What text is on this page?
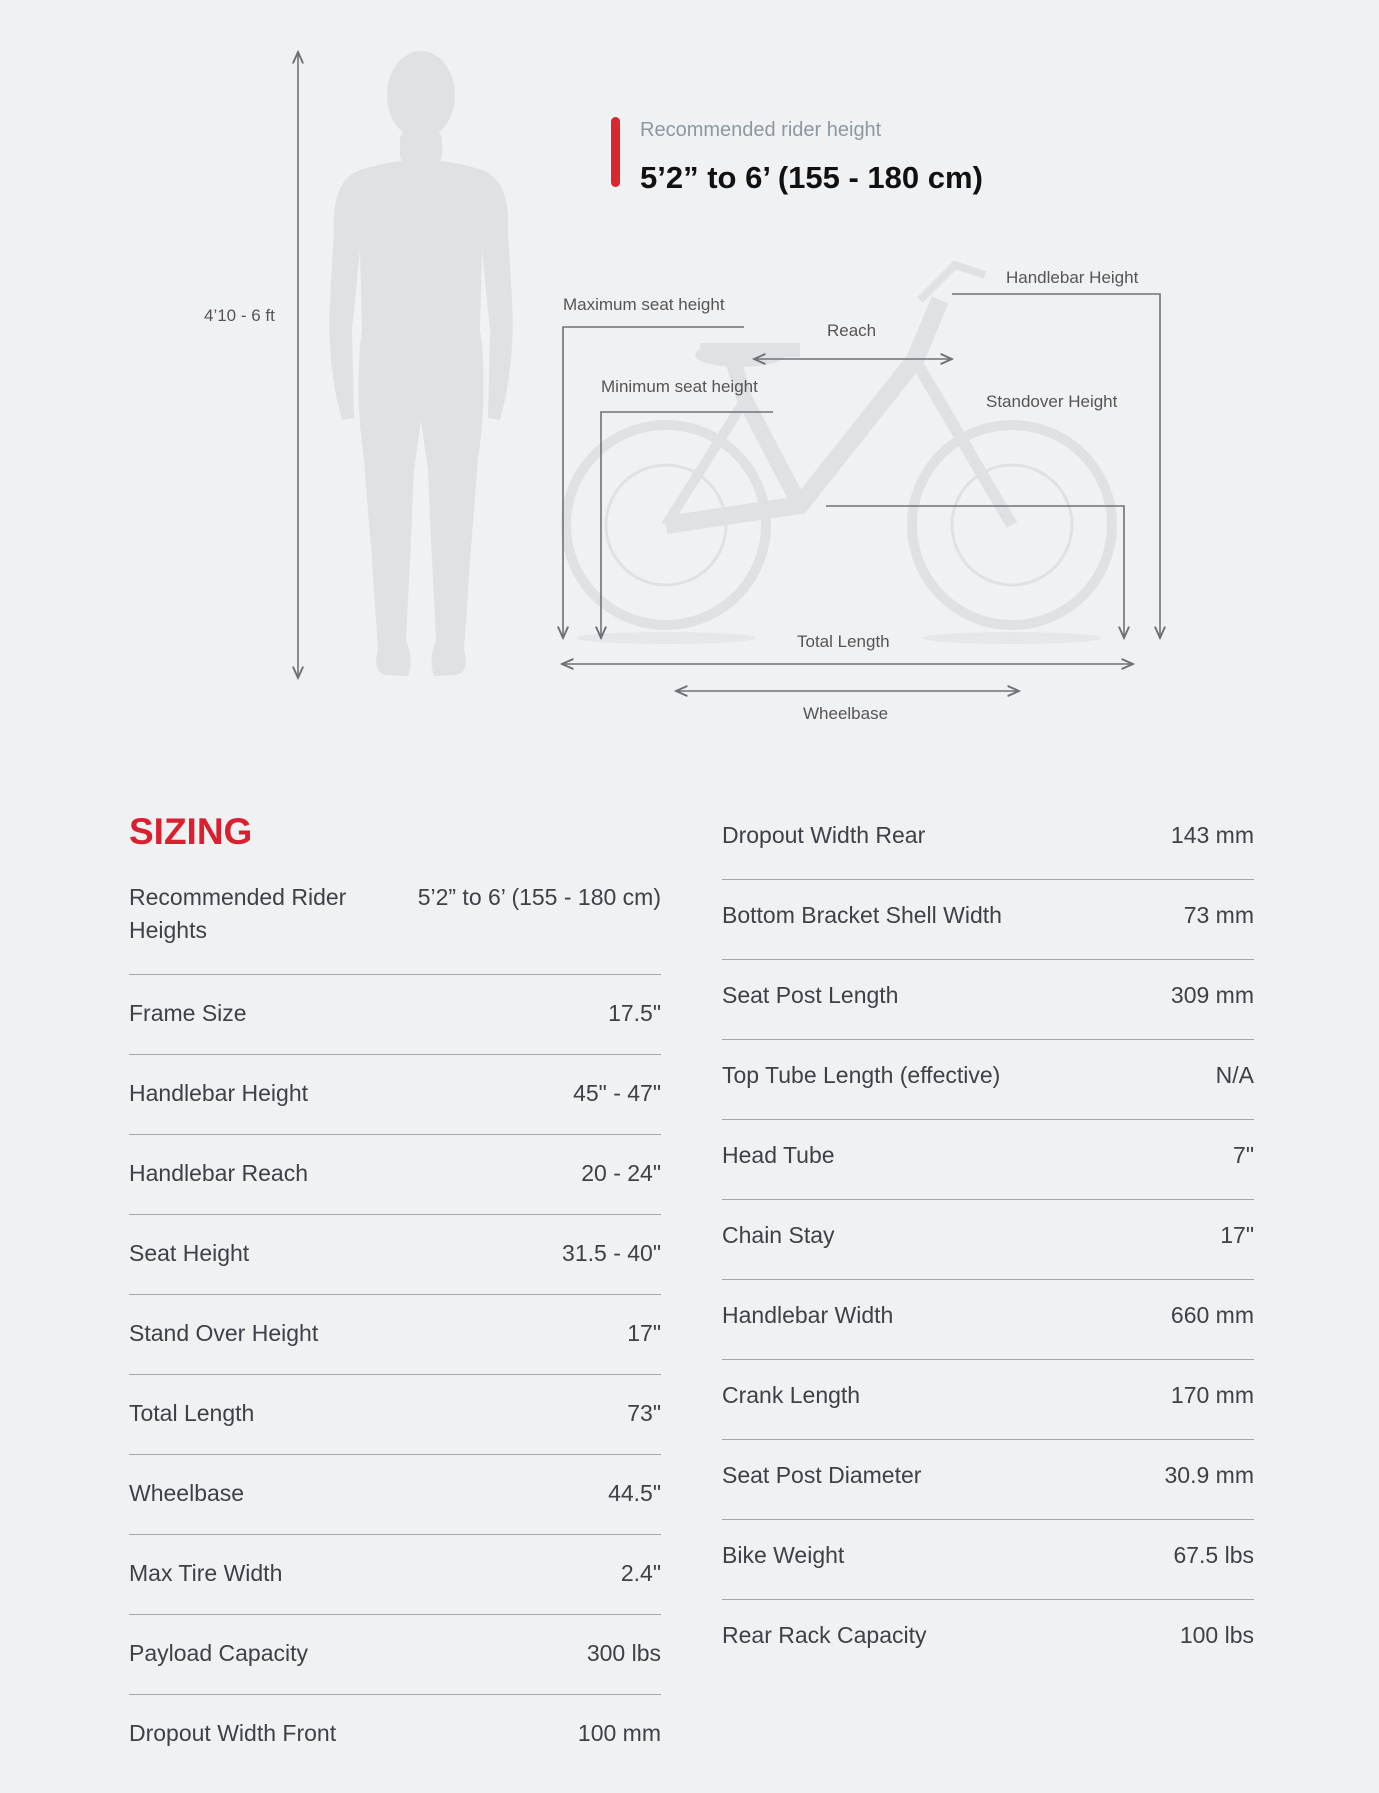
4’10 - 6 ft
Recommended rider height
5’2” to 6’ (155 - 180 cm)
Maximum seat height
Minimum seat height
Reach
Handlebar Height
Standover Height
Total Length
Wheelbase
SIZING
Recommended Rider Heights
5’2” to 6’ (155 - 180 cm)
Frame Size	17.5"
Handlebar Height	45" - 47"
Handlebar Reach	20 - 24"
Seat Height	31.5 - 40"
Stand Over Height	17"
Total Length	73"
Wheelbase	44.5"
Max Tire Width	2.4"
Payload Capacity	300 lbs
Dropout Width Front	100 mm
Dropout Width Rear	143 mm
Bottom Bracket Shell Width	73 mm
Seat Post Length	309 mm
Top Tube Length (effective)	N/A
Head Tube	7"
Chain Stay	17"
Handlebar Width	660 mm
Crank Length	170 mm
Seat Post Diameter	30.9 mm
Bike Weight	67.5 lbs
Rear Rack Capacity	100 lbs
